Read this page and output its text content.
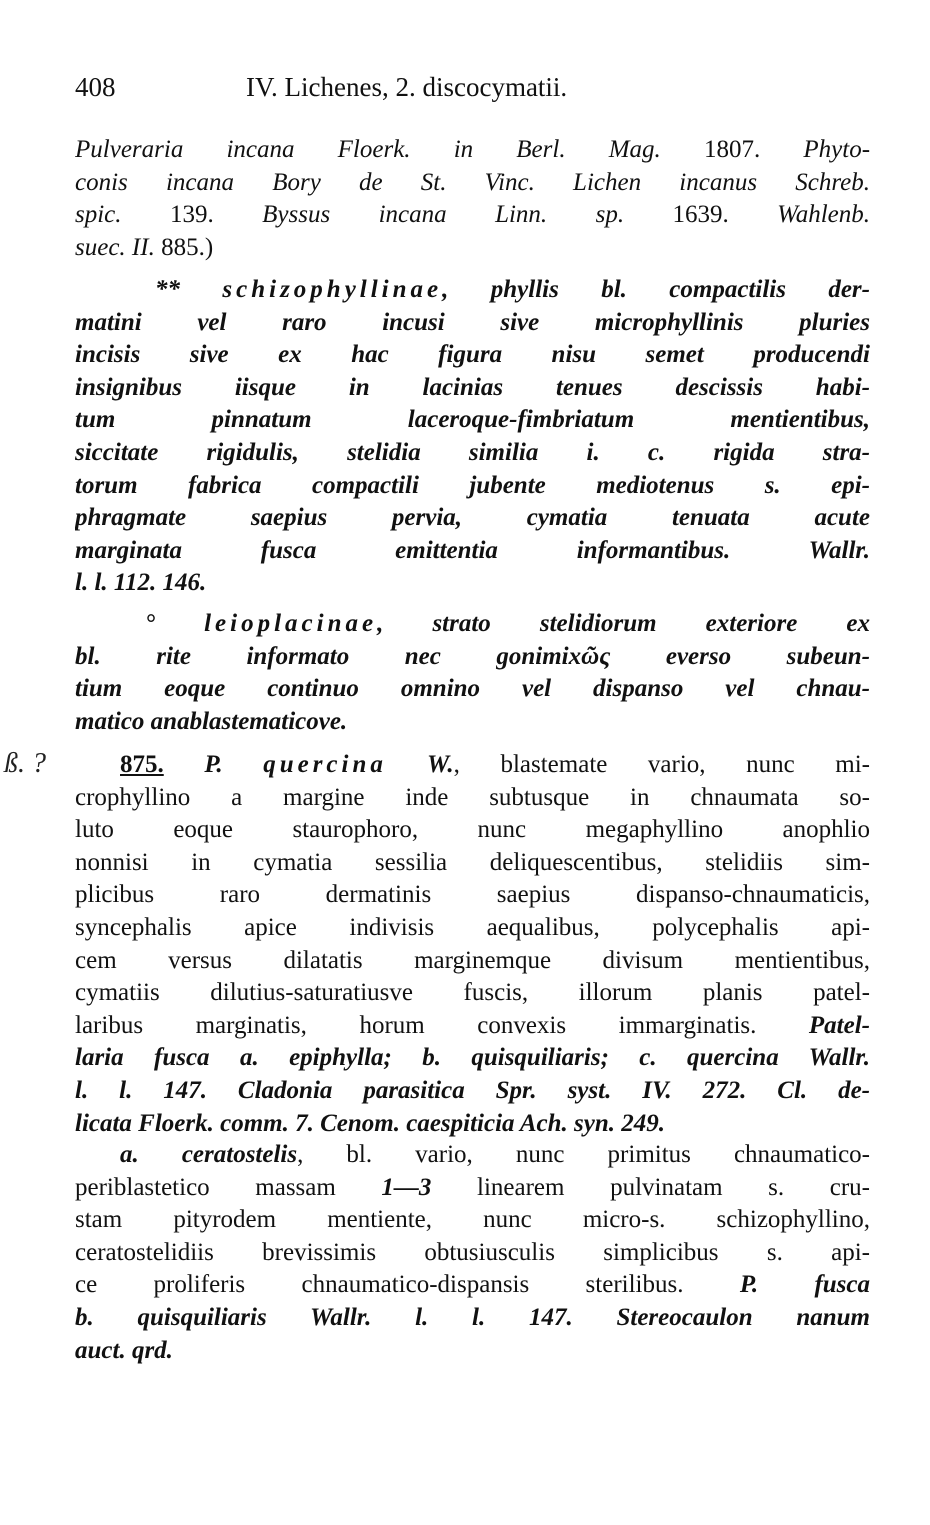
408	IV. Lichenes, 2. discocymatii.
ß. ?
Pulveraria incana Floerk. in Berl. Mag. 1807. Phyto-
conis incana Bory de St. Vinc. Lichen incanus Schreb.
spic. 139. Byssus incana Linn. sp. 1639. Wahlenb.
suec. II. 885.)
** schizophyllinae, phyllis bl. compactilis der-
matini vel raro incusi sive microphyllinis pluries
incisis sive ex hac figura nisu semet producendi
insignibus iisque in lacinias tenues descissis habi-
tum pinnatum laceroque-fimbriatum mentientibus,
siccitate rigidulis, stelidia similia i. c. rigida stra-
torum fabrica compactili jubente mediotenus s. epi-
phragmate saepius pervia, cymatia tenuata acute
marginata fusca emittentia informantibus. Wallr.
l. l. 112. 146.
° leioplacinae, strato stelidiorum exteriore ex
bl. rite informato nec gonimixῶς everso subeun-
tium eoque continuo omnino vel dispanso vel chnau-
matico anablastematicove.
875. P. quercina W., blastemate vario, nunc mi-
crophyllino a margine inde subtusque in chnaumata so-
luto eoque staurophoro, nunc megaphyllino anophlio
nonnisi in cymatia sessilia deliquescentibus, stelidiis sim-
plicibus raro dermatinis saepius dispanso-chnaumaticis,
syncephalis apice indivisis aequalibus, polycephalis api-
cem versus dilatatis marginemque divisum mentientibus,
cymatiis dilutius-saturatiusve fuscis, illorum planis patel-
laribus marginatis, horum convexis immarginatis. Patel-
laria fusca a. epiphylla; b. quisquiliaris; c. quercina Wallr.
l. l. 147. Cladonia parasitica Spr. syst. IV. 272. Cl. de-
licata Floerk. comm. 7. Cenom. caespiticia Ach. syn. 249.
a. ceratostelis, bl. vario, nunc primitus chnaumatico-
periblastetico massam 1—3 linearem pulvinatam s. cru-
stam pityrodem mentiente, nunc micro-s. schizophyllino,
ceratostelidiis brevissimis obtusiusculis simplicibus s. api-
ce proliferis chnaumatico-dispansis sterilibus. P. fusca
b. quisquiliaris Wallr. l. l. 147. Stereocaulon nanum
auct. qrd.
